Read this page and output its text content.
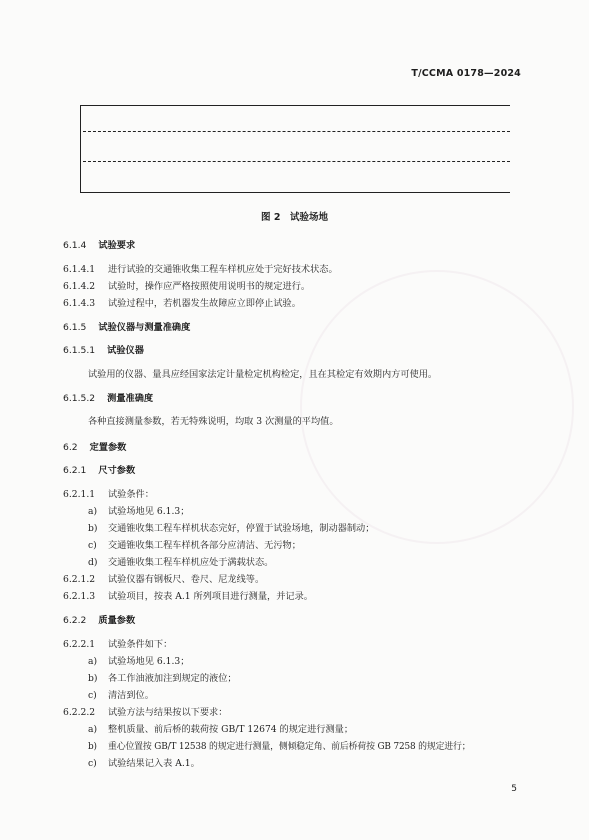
T/CCMA 0178—2024
图 2　试验场地
6.1.4 试验要求
6.1.4.1 进行试验的交通锥收集工程车样机应处于完好技术状态。
6.1.4.2 试验时，操作应严格按照使用说明书的规定进行。
6.1.4.3 试验过程中，若机器发生故障应立即停止试验。
6.1.5 试验仪器与测量准确度
6.1.5.1 试验仪器
试验用的仪器、量具应经国家法定计量检定机构检定，且在其检定有效期内方可使用。
6.1.5.2 测量准确度
各种直接测量参数，若无特殊说明，均取 3 次测量的平均值。
6.2 定置参数
6.2.1 尺寸参数
6.2.1.1 试验条件：
a) 试验场地见 6.1.3；
b) 交通锥收集工程车样机状态完好，停置于试验场地，制动器制动；
c) 交通锥收集工程车样机各部分应清洁、无污物；
d) 交通锥收集工程车样机应处于满载状态。
6.2.1.2 试验仪器有钢板尺、卷尺、尼龙线等。
6.2.1.3 试验项目，按表 A.1 所列项目进行测量，并记录。
6.2.2 质量参数
6.2.2.1 试验条件如下：
a) 试验场地见 6.1.3；
b) 各工作油液加注到规定的液位；
c) 清洁到位。
6.2.2.2 试验方法与结果按以下要求：
a) 整机质量、前后桥的载荷按 GB/T 12674 的规定进行测量；
b) 重心位置按 GB/T 12538 的规定进行测量，侧倾稳定角、前后桥荷按 GB 7258 的规定进行；
c) 试验结果记入表 A.1。
5
